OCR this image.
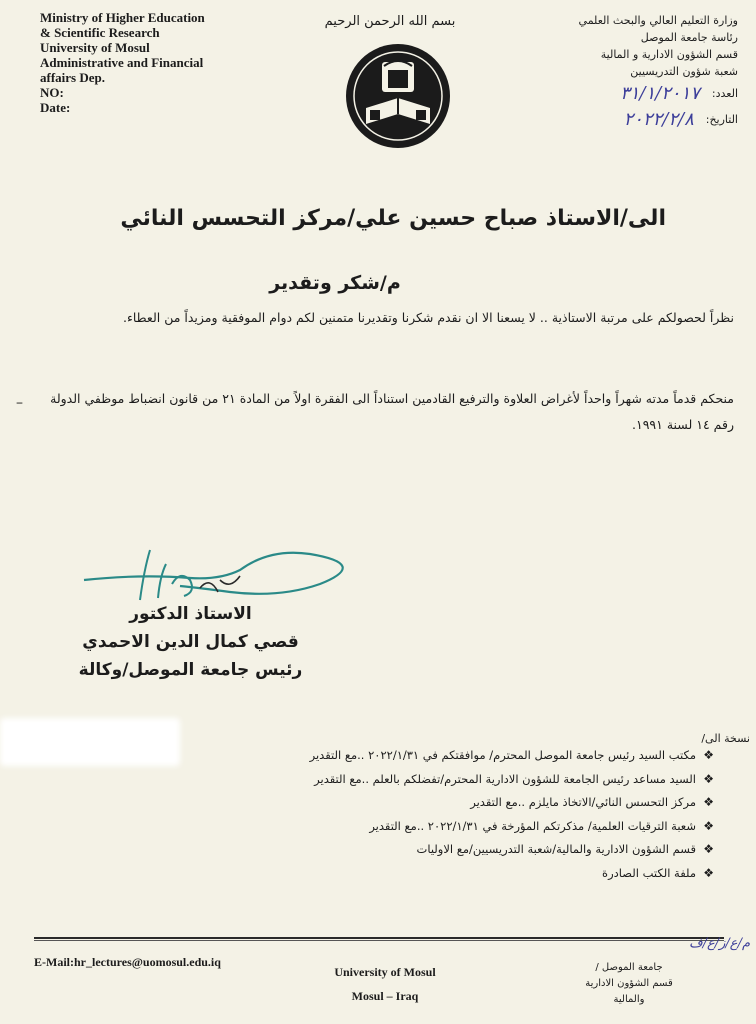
Ministry of Higher Education
& Scientific Research
University of Mosul
Administrative and Financial
affairs Dep.
NO:
Date:
بسم الله الرحمن الرحيم	وزارة التعليم العالي والبحث العلمي
رئاسة جامعة الموصل
قسم الشؤون الادارية و المالية
شعبة شؤون التدريسيين
العدد:
٣١/١/٢٠١٧
التاريخ:
٢٠٢٢/٢/٨
الى/الاستاذ صباح حسين علي/مركز التحسس النائي
م/شكر وتقدير
نظراً لحصولكم على مرتبة الاستاذية .. لا يسعنا الا ان نقدم شكرنا وتقديرنا متمنين لكم دوام الموفقية ومزيداً من العطاء.
–	منحكم قدماً مدته شهراً واحداً لأغراض العلاوة والترفيع القادمين استناداً الى الفقرة اولاً من المادة ٢١ من قانون انضباط موظفي الدولة رقم ١٤ لسنة ١٩٩١.
الاستاذ الدكتور
قصي كمال الدين الاحمدي
رئيس جامعة الموصل/وكالة
نسخة الى/
❖
مكتب السيد رئيس جامعة الموصل المحترم/ موافقتكم في ٢٠٢٢/١/٣١ ..مع التقدير
❖
السيد مساعد رئيس الجامعة للشؤون الادارية المحترم/تفضلكم بالعلم ..مع التقدير
❖
مركز التحسس النائي/الاتخاذ مايلزم ..مع التقدير
❖
شعبة الترقيات العلمية/ مذكرتكم المؤرخة في ٢٠٢٢/١/٣١ ..مع التقدير
❖
قسم الشؤون الادارية والمالية/شعبة التدريسيين/مع الاوليات
❖
ملفة الكتب الصادرة
م/ع/ز/ع/ف
E-Mail:hr_lectures@uomosul.edu.iq
University of Mosul
Mosul – Iraq
جامعة الموصل /
قسم الشؤون الادارية
والمالية
